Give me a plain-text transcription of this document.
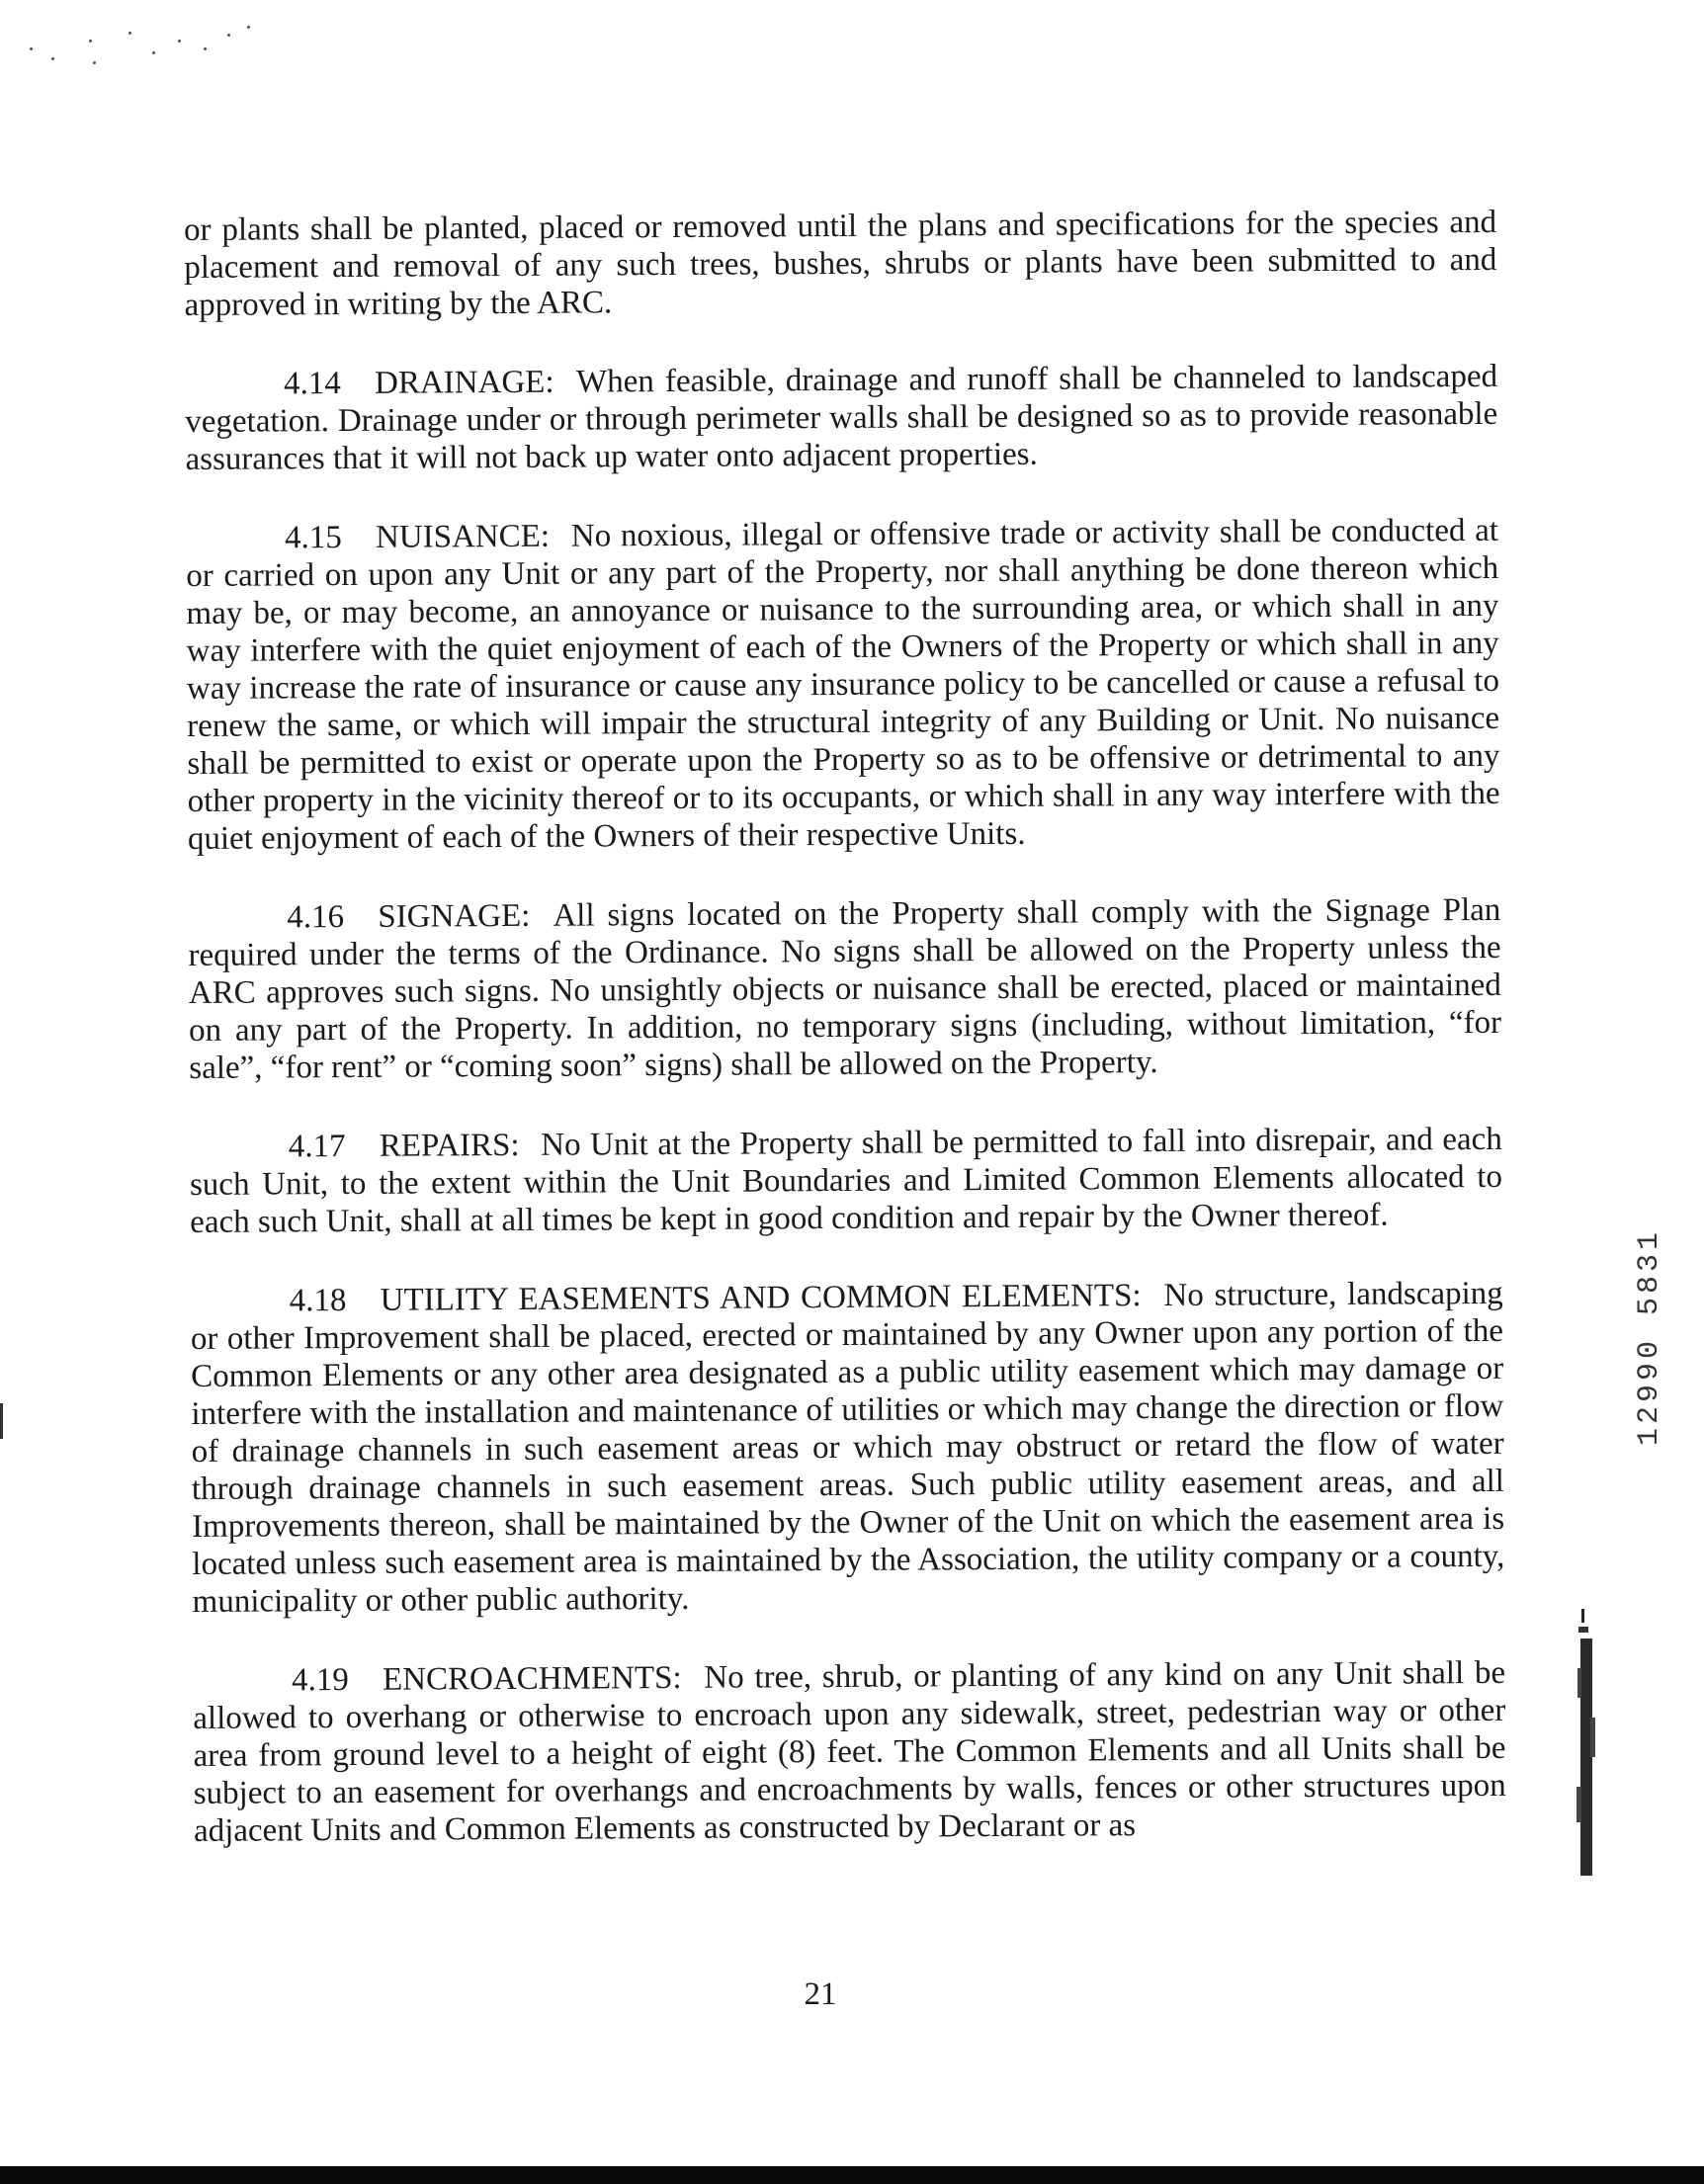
or plants shall be planted, placed or removed until the plans and specifications for the species and placement and removal of any such trees, bushes, shrubs or plants have been submitted to and approved in writing by the ARC.

4.14 DRAINAGE: When feasible, drainage and runoff shall be channeled to landscaped vegetation. Drainage under or through perimeter walls shall be designed so as to provide reasonable assurances that it will not back up water onto adjacent properties.

4.15 NUISANCE: No noxious, illegal or offensive trade or activity shall be conducted at or carried on upon any Unit or any part of the Property, nor shall anything be done thereon which may be, or may become, an annoyance or nuisance to the surrounding area, or which shall in any way interfere with the quiet enjoyment of each of the Owners of the Property or which shall in any way increase the rate of insurance or cause any insurance policy to be cancelled or cause a refusal to renew the same, or which will impair the structural integrity of any Building or Unit. No nuisance shall be permitted to exist or operate upon the Property so as to be offensive or detrimental to any other property in the vicinity thereof or to its occupants, or which shall in any way interfere with the quiet enjoyment of each of the Owners of their respective Units.

4.16 SIGNAGE: All signs located on the Property shall comply with the Signage Plan required under the terms of the Ordinance. No signs shall be allowed on the Property unless the ARC approves such signs. No unsightly objects or nuisance shall be erected, placed or maintained on any part of the Property. In addition, no temporary signs (including, without limitation, “for sale”, “for rent” or “coming soon” signs) shall be allowed on the Property.

4.17 REPAIRS: No Unit at the Property shall be permitted to fall into disrepair, and each such Unit, to the extent within the Unit Boundaries and Limited Common Elements allocated to each such Unit, shall at all times be kept in good condition and repair by the Owner thereof.

4.18 UTILITY EASEMENTS AND COMMON ELEMENTS: No structure, landscaping or other Improvement shall be placed, erected or maintained by any Owner upon any portion of the Common Elements or any other area designated as a public utility easement which may damage or interfere with the installation and maintenance of utilities or which may change the direction or flow of drainage channels in such easement areas or which may obstruct or retard the flow of water through drainage channels in such easement areas. Such public utility easement areas, and all Improvements thereon, shall be maintained by the Owner of the Unit on which the easement area is located unless such easement area is maintained by the Association, the utility company or a county, municipality or other public authority.

4.19 ENCROACHMENTS: No tree, shrub, or planting of any kind on any Unit shall be allowed to overhang or otherwise to encroach upon any sidewalk, street, pedestrian way or other area from ground level to a height of eight (8) feet. The Common Elements and all Units shall be subject to an easement for overhangs and encroachments by walls, fences or other structures upon adjacent Units and Common Elements as constructed by Declarant or as

21
12990 5831
